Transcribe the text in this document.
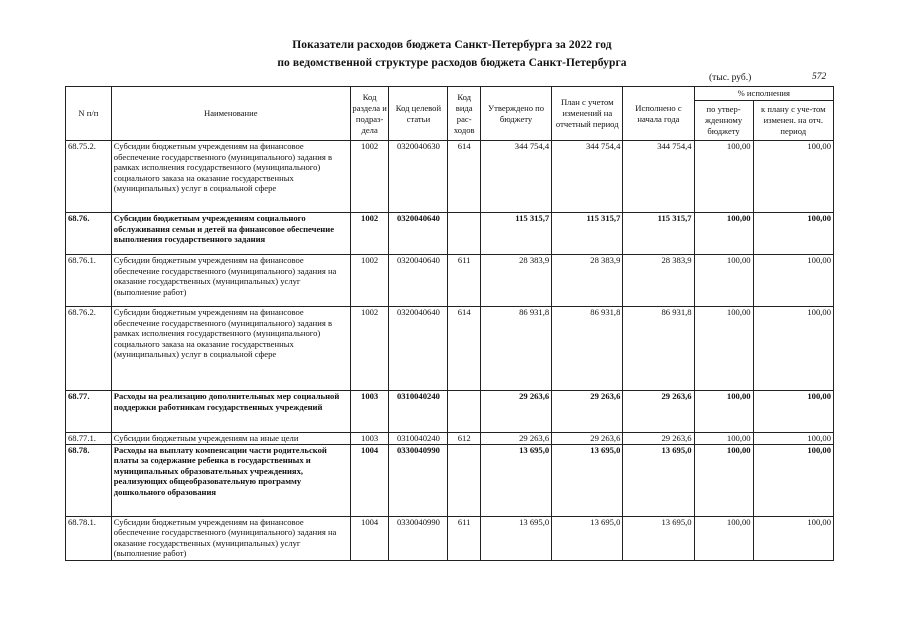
Показатели расходов бюджета Санкт-Петербурга за 2022 год
по ведомственной структуре расходов бюджета Санкт-Петербурга
(тыс. руб.)	572
N п/п	Наименование	Код раздела и подраз-дела	Код целевой статьи	Код вида рас-ходов	Утверждено по бюджету	План с учетом изменений на отчетный период	Исполнено с начала года	% исполнения	
								по утвер-жденному бюджету	к плану с уче-том изменен. на отч. период
68.75.2.	Субсидии бюджетным учреждениям на финансовое обеспечение государственного (муниципального) задания в рамках исполнения государственного (муниципального) социального заказа на оказание государственных (муниципальных) услуг в социальной сфере	1002	0320040630	614	344 754,4	344 754,4	344 754,4	100,00	100,00
68.76.	Субсидии бюджетным учреждениям социального обслуживания семьи и детей на финансовое обеспечение выполнения государственного задания	1002	0320040640		115 315,7	115 315,7	115 315,7	100,00	100,00
68.76.1.	Субсидии бюджетным учреждениям на финансовое обеспечение государственного (муниципального) задания на оказание государственных (муниципальных) услуг (выполнение работ)	1002	0320040640	611	28 383,9	28 383,9	28 383,9	100,00	100,00
68.76.2.	Субсидии бюджетным учреждениям на финансовое обеспечение государственного (муниципального) задания в рамках исполнения государственного (муниципального) социального заказа на оказание государственных (муниципальных) услуг в социальной сфере	1002	0320040640	614	86 931,8	86 931,8	86 931,8	100,00	100,00
68.77.	Расходы на реализацию дополнительных мер социальной поддержки работникам государственных учреждений	1003	0310040240		29 263,6	29 263,6	29 263,6	100,00	100,00
68.77.1.	Субсидии бюджетным учреждениям на иные цели	1003	0310040240	612	29 263,6	29 263,6	29 263,6	100,00	100,00
68.78.	Расходы на выплату компенсации части родительской платы за содержание ребенка в государственных и муниципальных образовательных учреждениях, реализующих общеобразовательную программу дошкольного образования	1004	0330040990		13 695,0	13 695,0	13 695,0	100,00	100,00
68.78.1.	Субсидии бюджетным учреждениям на финансовое обеспечение государственного (муниципального) задания на оказание государственных (муниципальных) услуг (выполнение работ)	1004	0330040990	611	13 695,0	13 695,0	13 695,0	100,00	100,00
